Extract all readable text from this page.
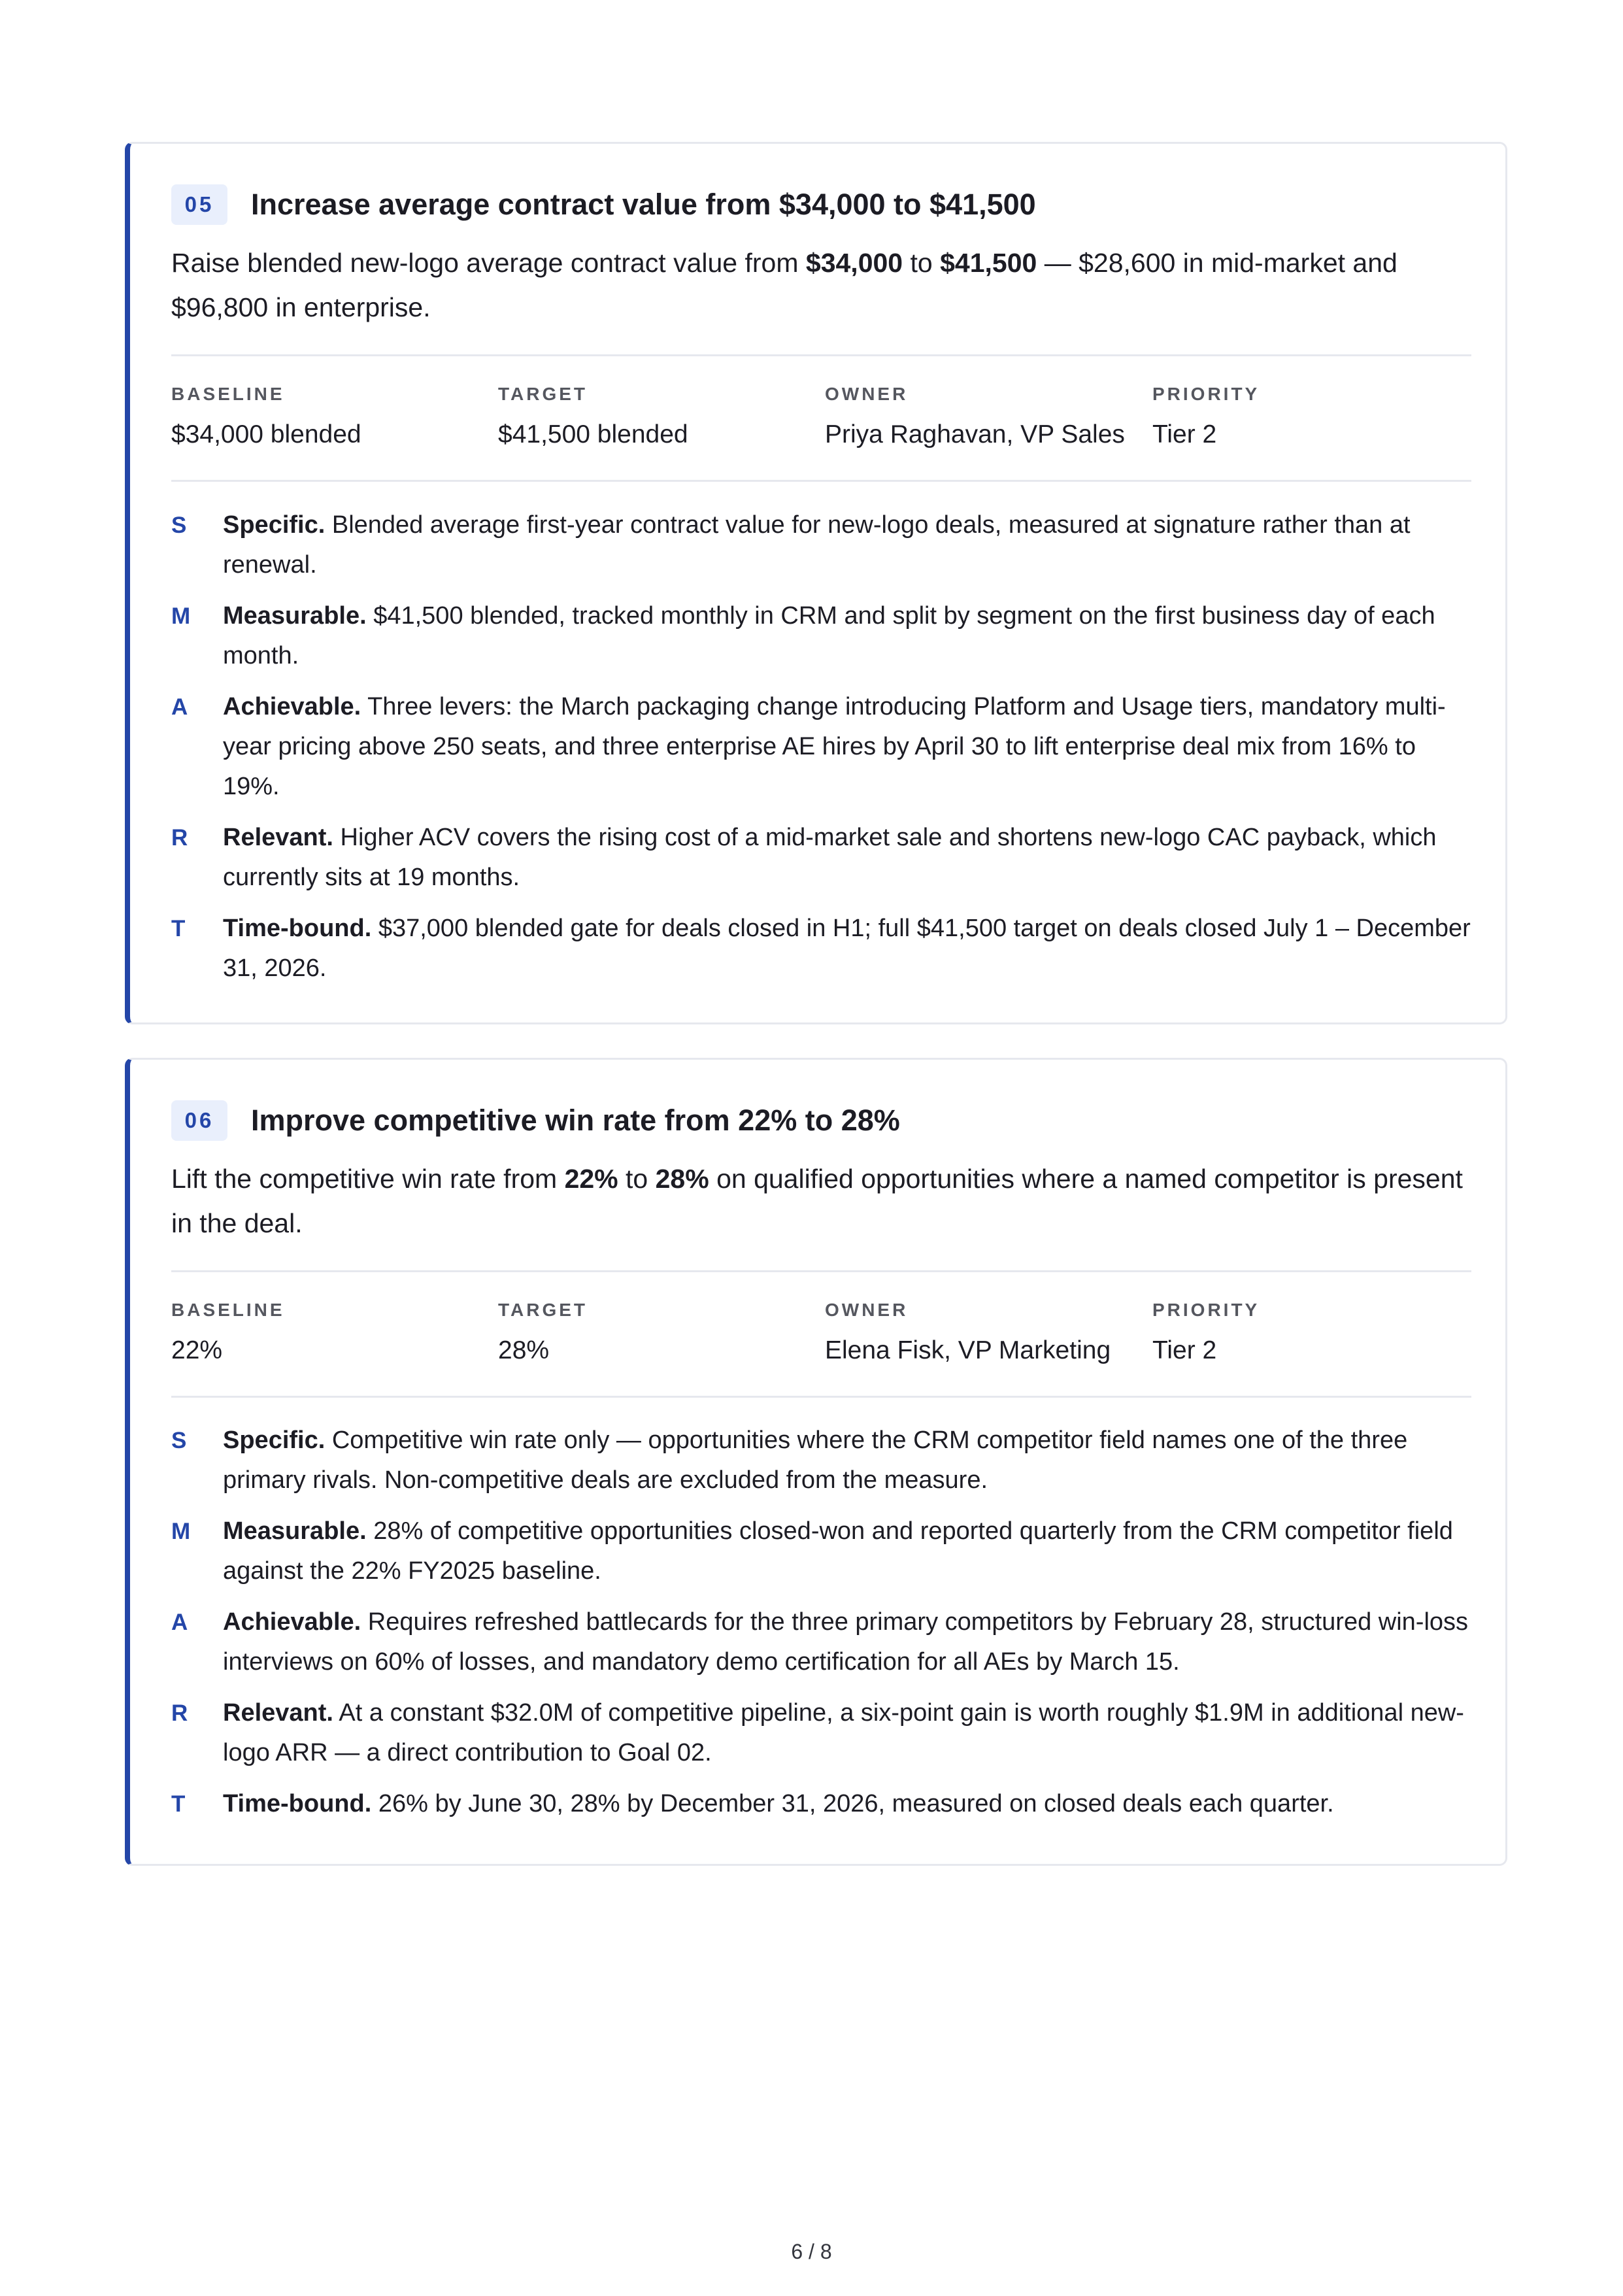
05	Increase average contract value from $34,000 to $41,500

Raise blended new-logo average contract value from $34,000 to $41,500 — $28,600 in mid-market and $96,800 in enterprise.

BASELINE
$34,000 blended
TARGET
$41,500 blended
OWNER
Priya Raghavan, VP Sales
PRIORITY
Tier 2
S Specific. Blended average first-year contract value for new-logo deals, measured at signature rather than at renewal.
M Measurable. $41,500 blended, tracked monthly in CRM and split by segment on the first business day of each month.
A Achievable. Three levers: the March packaging change introducing Platform and Usage tiers, mandatory multi-year pricing above 250 seats, and three enterprise AE hires by April 30 to lift enterprise deal mix from 16% to 19%.
R Relevant. Higher ACV covers the rising cost of a mid-market sale and shortens new-logo CAC payback, which currently sits at 19 months.
T Time-bound. $37,000 blended gate for deals closed in H1; full $41,500 target on deals closed July 1 – December 31, 2026.
06	Improve competitive win rate from 22% to 28%

Lift the competitive win rate from 22% to 28% on qualified opportunities where a named competitor is present in the deal.

BASELINE
22%
TARGET
28%
OWNER
Elena Fisk, VP Marketing
PRIORITY
Tier 2
S Specific. Competitive win rate only — opportunities where the CRM competitor field names one of the three primary rivals. Non-competitive deals are excluded from the measure.
M Measurable. 28% of competitive opportunities closed-won and reported quarterly from the CRM competitor field against the 22% FY2025 baseline.
A Achievable. Requires refreshed battlecards for the three primary competitors by February 28, structured win-loss interviews on 60% of losses, and mandatory demo certification for all AEs by March 15.
R Relevant. At a constant $32.0M of competitive pipeline, a six-point gain is worth roughly $1.9M in additional new-logo ARR — a direct contribution to Goal 02.
T Time-bound. 26% by June 30, 28% by December 31, 2026, measured on closed deals each quarter.
6 / 8
